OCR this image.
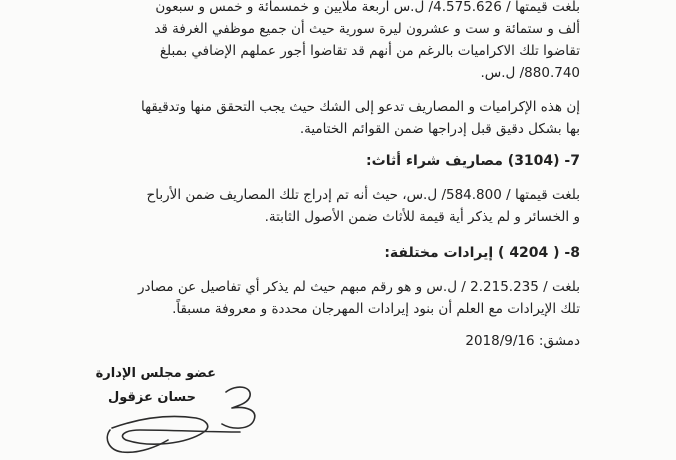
بلغت قيمتها / 4.575.626/ ل.س اربعة ملايين و خمسمائة و خمس و سبعون
ألف و ستمائة و ست و عشرون ليرة سورية حيث أن جميع موظفي الغرفة قد
تقاضوا تلك الاكراميات بالرغم من أنهم قد تقاضوا أجور عملهم الإضافي بمبلغ
880.740/ ل.س.
إن هذه الإكراميات و المصاريف تدعو إلى الشك حيث يجب التحقق منها وتدقيقها
بها بشكل دقيق قبل إدراجها ضمن القوائم الختامية.
7- (3104) مصاريف شراء أثاث:
بلغت قيمتها / 584.800/ ل.س، حيث أنه تم إدراج تلك المصاريف ضمن الأرباح
و الخسائر و لم يذكر أية قيمة للأثاث ضمن الأصول الثابتة.
8- ( 4204 ) إيرادات مختلفة:
بلغت / 2.215.235 / ل.س و هو رقم مبهم حيث لم يذكر أي تفاصيل عن مصادر
تلك الإيرادات مع العلم أن بنود إيرادات المهرجان محددة و معروفة مسبقاً.
دمشق: 2018/9/16
عضو مجلس الإدارة
حسان عزقول
